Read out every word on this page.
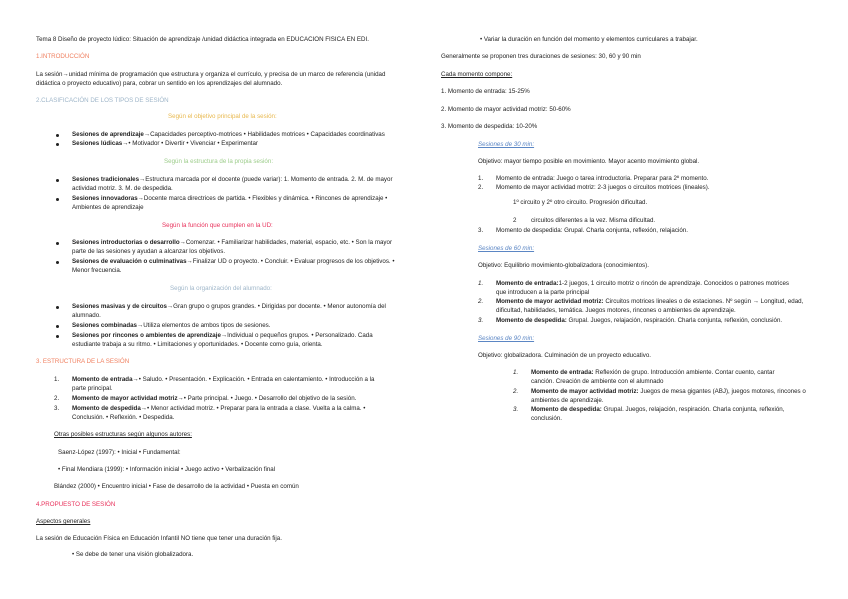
Tema 8 Diseño de proyecto lúdico: Situación de aprendizaje /unidad didáctica integrada en EDUCACION FISICA EN EDI.
1.INTRODUCCIÓN
La sesión→unidad mínima de programación que estructura y organiza el currículo, y precisa de un marco de referencia (unidad
didáctica o proyecto educativo) para, cobrar un sentido en los aprendizajes del alumnado.
2.CLASIFICACIÓN DE LOS TIPOS DE SESIÓN
Según el objetivo principal de la sesión:
Sesiones de aprendizaje→Capacidades perceptivo-motrices • Habilidades motrices • Capacidades coordinativas
Sesiones lúdicas→• Motivador • Divertir • Vivenciar • Experimentar
Según la estructura de la propia sesión:
Sesiones tradicionales→Estructura marcada por el docente (puede variar): 1. Momento de entrada. 2. M. de mayor
actividad motriz. 3. M. de despedida.
Sesiones innovadoras→Docente marca directrices de partida. • Flexibles y dinámica. • Rincones de aprendizaje •
Ambientes de aprendizaje
Según la función que cumplen en la UD:
Sesiones introductorias o desarrollo→Comenzar. • Familiarizar habilidades, material, espacio, etc. • Son la mayor
parte de las sesiones y ayudan a alcanzar los objetivos.
Sesiones de evaluación o culminativas→Finalizar UD o proyecto. • Concluir. • Evaluar progresos de los objetivos. •
Menor frecuencia.
Según la organización del alumnado:
Sesiones masivas y de circuitos→Gran grupo o grupos grandes. • Dirigidas por docente. • Menor autonomía del
alumnado.
Sesiones combinadas→Utiliza elementos de ambos tipos de sesiones.
Sesiones por rincones o ambientes de aprendizaje→Individual o pequeños grupos. • Personalizado. Cada
estudiante trabaja a su ritmo. • Limitaciones y oportunidades. • Docente como guía, orienta.
3. ESTRUCTURA DE LA SESIÓN
1. Momento de entrada→• Saludo. • Presentación. • Explicación. • Entrada en calentamiento. • Introducción a la
parte principal.
2. Momento de mayor actividad motriz→• Parte principal. • Juego. • Desarrollo del objetivo de la sesión.
3. Momento de despedida→• Menor actividad motriz. • Preparar para la entrada a clase. Vuelta a la calma. •
Conclusión. • Reflexión. • Despedida.
Otras posibles estructuras según algunos autores:
Saenz-López (1997): • Inicial • Fundamental:
• Final Mendiara (1999): • Información inicial • Juego activo • Verbalización final
Blández (2000) • Encuentro inicial • Fase de desarrollo de la actividad • Puesta en común
4.PROPUESTO DE SESIÓN
Aspectos generales
La sesión de Educación Física en Educación Infantil NO tiene que tener una duración fija.
• Se debe de tener una visión globalizadora.
• Variar la duración en función del momento y elementos curriculares a trabajar.
Generalmente se proponen tres duraciones de sesiones: 30, 60 y 90 min
Cada momento compone:
1. Momento de entrada: 15-25%
2. Momento de mayor actividad motriz: 50-60%
3. Momento de despedida: 10-20%
Sesiones de 30 min:
Objetivo: mayor tiempo posible en movimiento. Mayor acento movimiento global.
1. Momento de entrada: Juego o tarea introductoria. Preparar para 2º momento.
2. Momento de mayor actividad motriz: 2-3 juegos o circuitos motrices (lineales).
1º circuito y 2º otro circuito. Progresión dificultad.
2 circuitos diferentes a la vez. Misma dificultad.
3. Momento de despedida: Grupal. Charla conjunta, reflexión, relajación.
Sesiones de 60 min:
Objetivo: Equilibrio movimiento-globalizadora (conocimientos).
1. Momento de entrada:1-2 juegos, 1 circuito motriz o rincón de aprendizaje. Conocidos o patrones motrices
que introducen a la parte principal
2. Momento de mayor actividad motriz: Circuitos motrices lineales o de estaciones. Nº según → Longitud, edad,
dificultad, habilidades, temática. Juegos motores, rincones o ambientes de aprendizaje.
3. Momento de despedida: Grupal. Juegos, relajación, respiración. Charla conjunta, reflexión, conclusión.
Sesiones de 90 min:
Objetivo: globalizadora. Culminación de un proyecto educativo.
1. Momento de entrada: Reflexión de grupo. Introducción ambiente. Contar cuento, cantar
canción. Creación de ambiente con el alumnado
2. Momento de mayor actividad motriz: Juegos de mesa gigantes (ABJ), juegos motores, rincones o
ambientes de aprendizaje.
3. Momento de despedida: Grupal. Juegos, relajación, respiración. Charla conjunta, reflexión,
conclusión.
